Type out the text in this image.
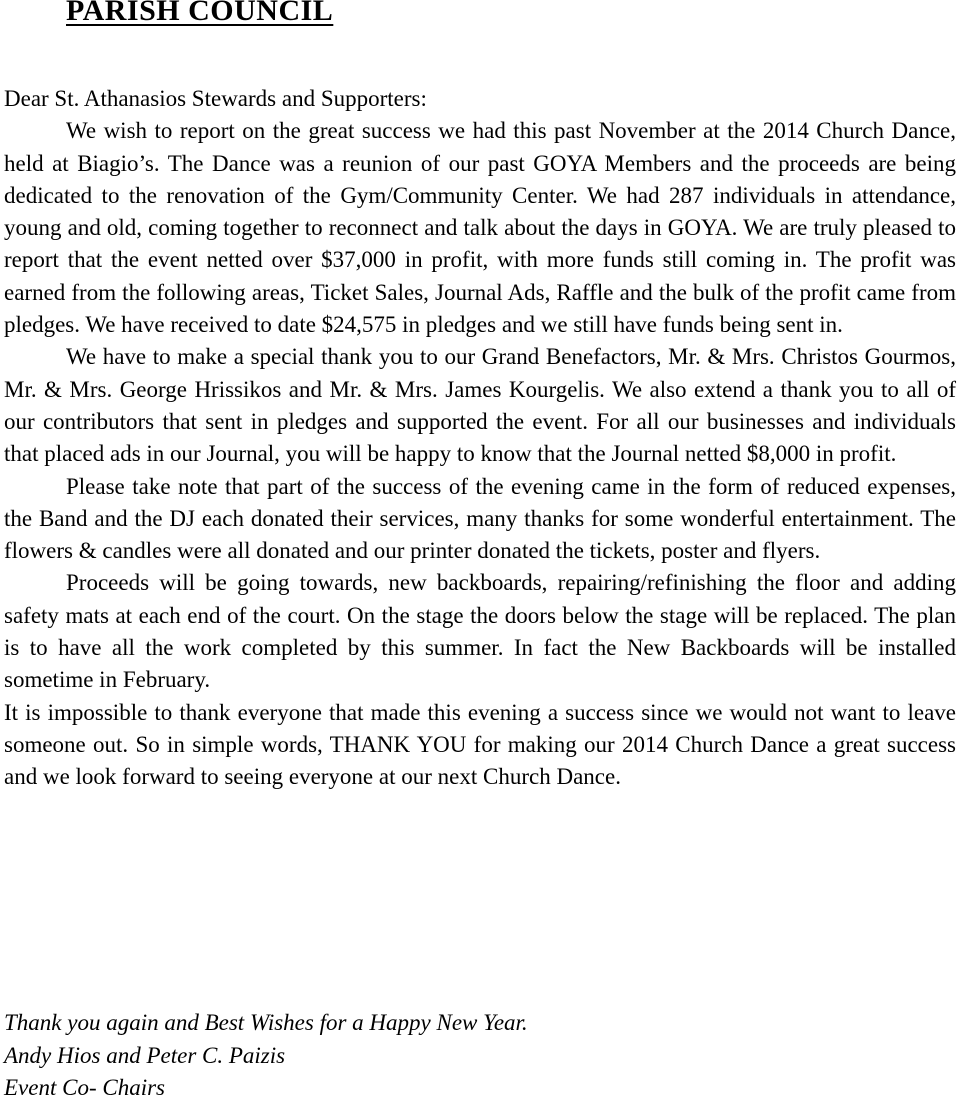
PARISH COUNCIL

Dear St. Athanasios Stewards and Supporters:

We wish to report on the great success we had this past November at the 2014 Church Dance, held at Biagio’s. The Dance was a reunion of our past GOYA Members and the proceeds are being dedicated to the renovation of the Gym/Community Center. We had 287 individuals in attendance, young and old, coming together to reconnect and talk about the days in GOYA. We are truly pleased to report that the event netted over $37,000 in profit, with more funds still coming in. The profit was earned from the following areas, Ticket Sales, Journal Ads, Raffle and the bulk of the profit came from pledges. We have received to date $24,575 in pledges and we still have funds being sent in.

We have to make a special thank you to our Grand Benefactors, Mr. & Mrs. Christos Gourmos, Mr. & Mrs. George Hrissikos and Mr. & Mrs. James Kourgelis. We also extend a thank you to all of our contributors that sent in pledges and supported the event. For all our businesses and individuals that placed ads in our Journal, you will be happy to know that the Journal netted $8,000 in profit.

Please take note that part of the success of the evening came in the form of reduced expenses, the Band and the DJ each donated their services, many thanks for some wonderful entertainment. The flowers & candles were all donated and our printer donated the tickets, poster and flyers.

Proceeds will be going towards, new backboards, repairing/refinishing the floor and adding safety mats at each end of the court. On the stage the doors below the stage will be replaced. The plan is to have all the work completed by this summer. In fact the New Backboards will be installed sometime in February.

It is impossible to thank everyone that made this evening a success since we would not want to leave someone out. So in simple words, THANK YOU for making our 2014 Church Dance a great success and we look forward to seeing everyone at our next Church Dance.

Thank you again and Best Wishes for a Happy New Year.
Andy Hios and Peter C. Paizis
Event Co- Chairs
